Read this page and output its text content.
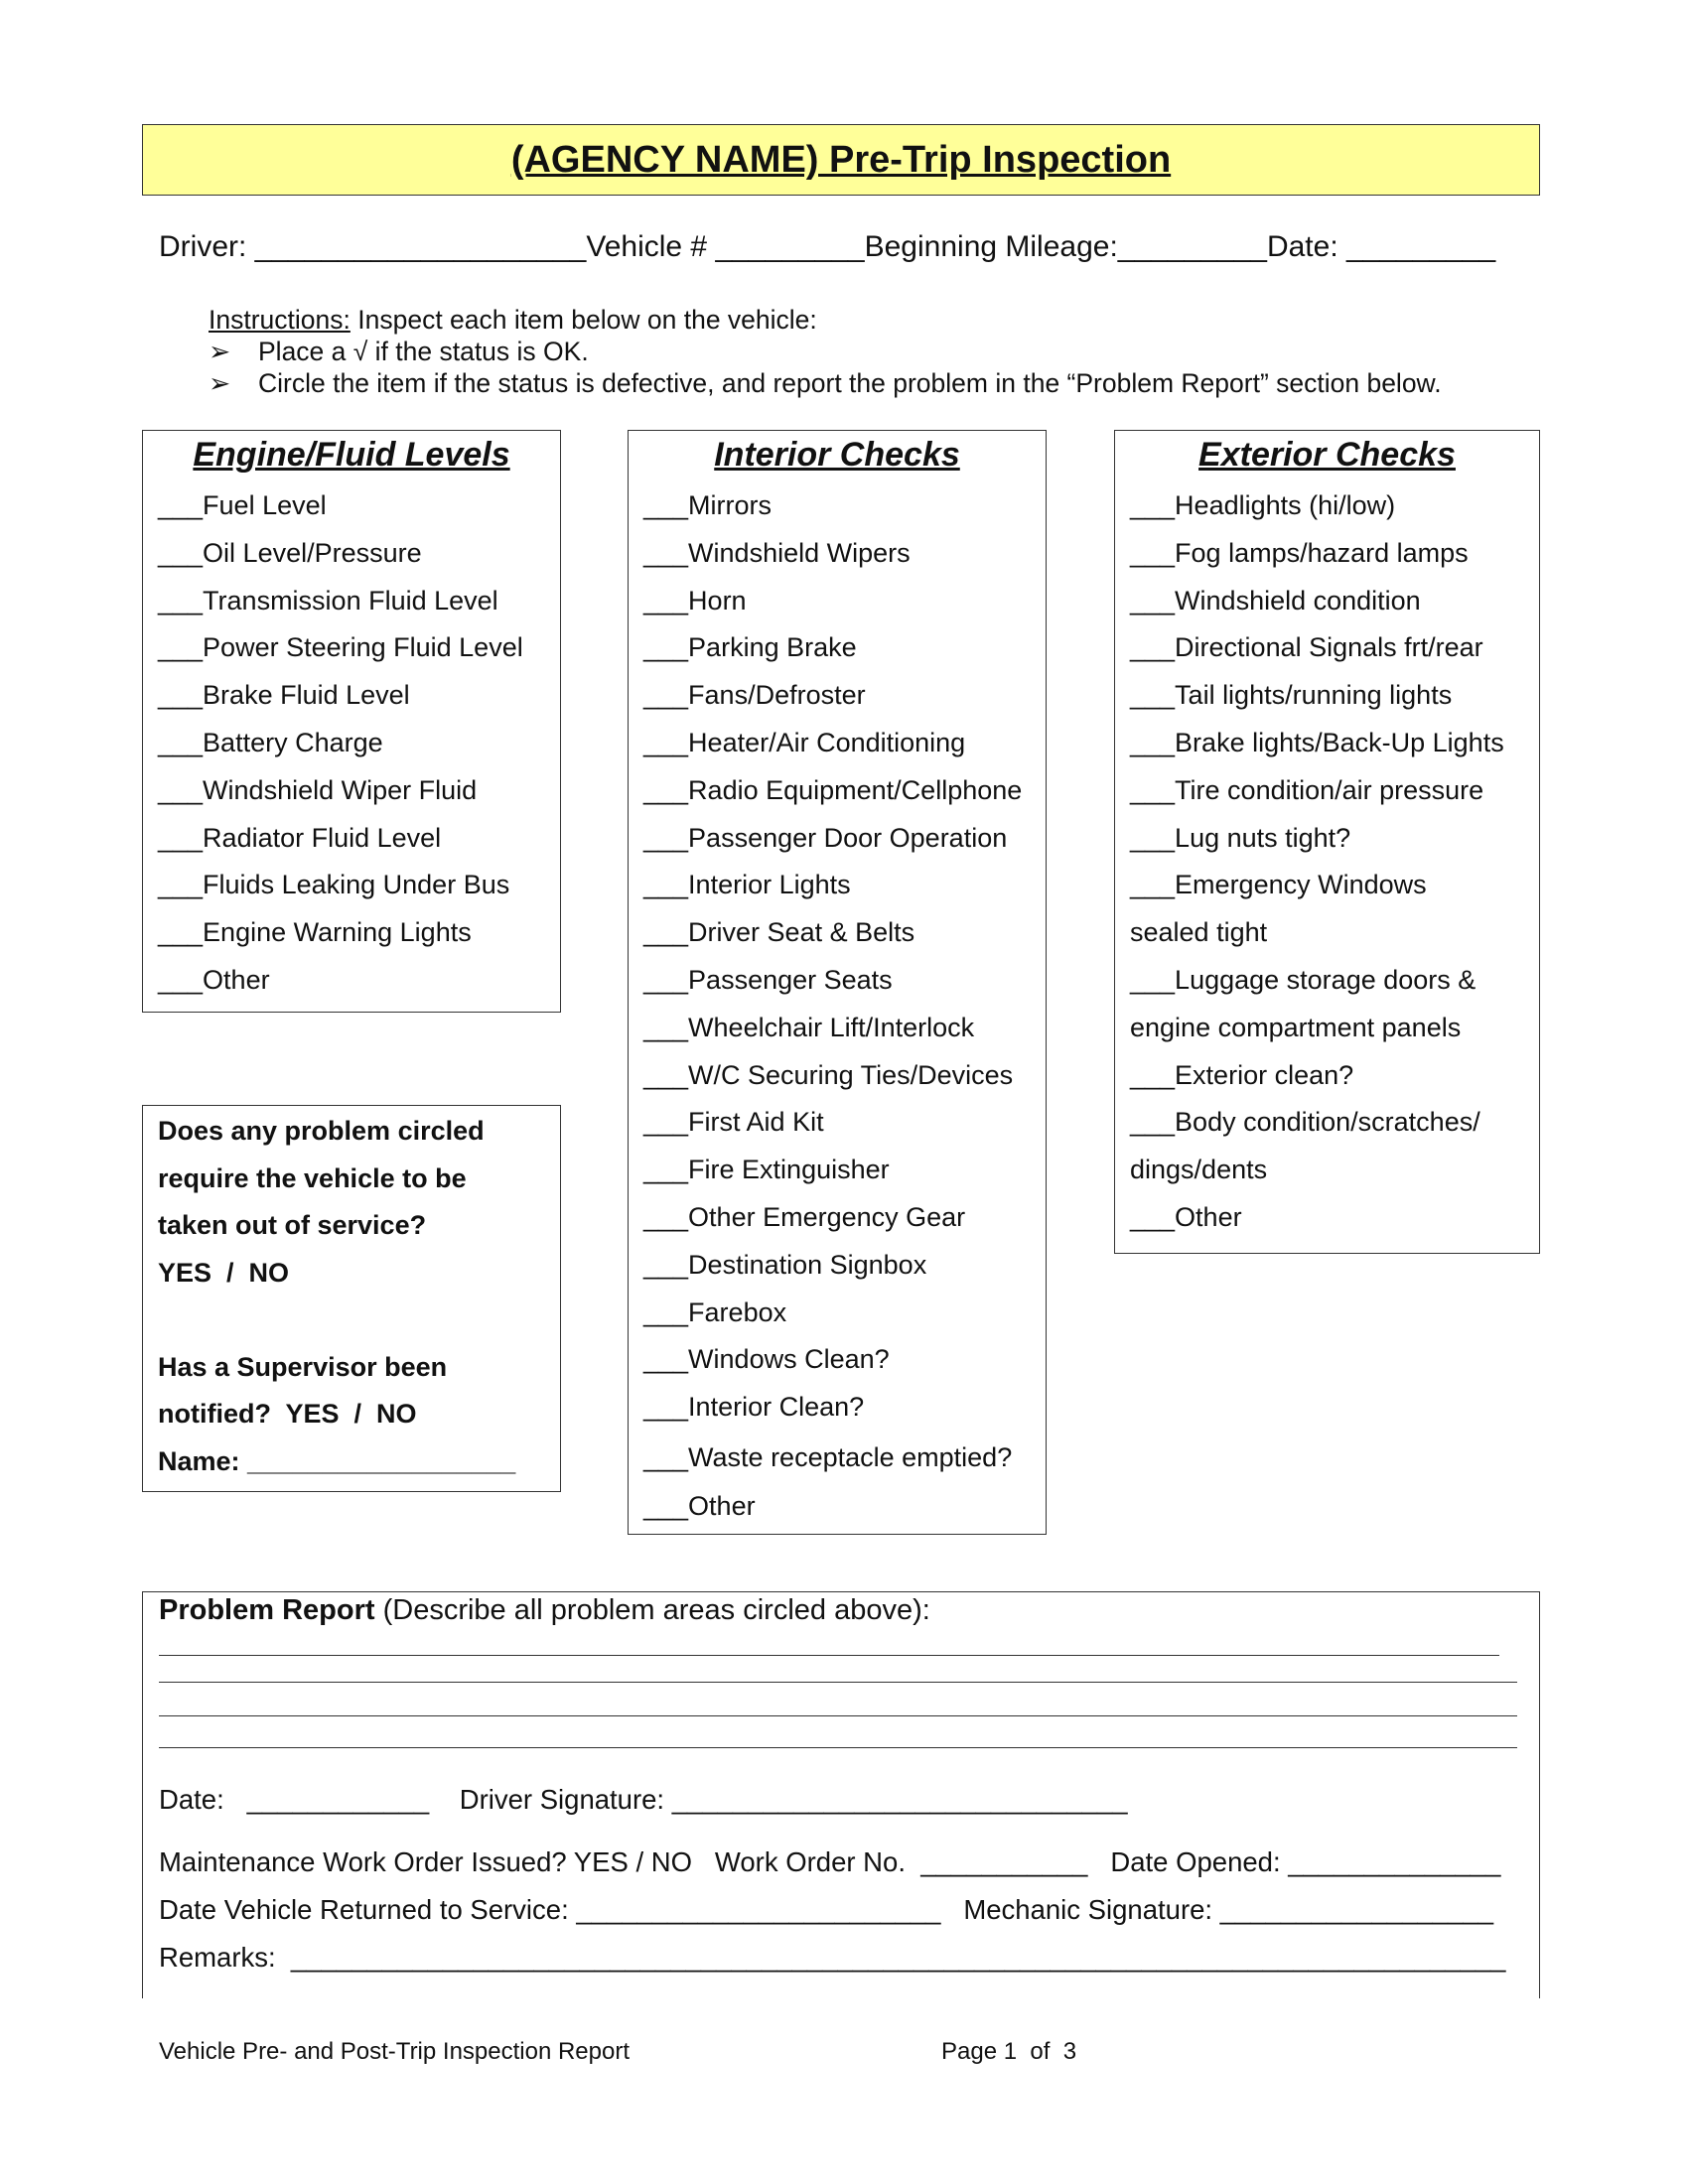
(AGENCY NAME) Pre-Trip Inspection
Driver: ____________________Vehicle # _________Beginning Mileage:_________Date: _________
Instructions: Inspect each item below on the vehicle:
➢ Place a √ if the status is OK.
➢ Circle the item if the status is defective, and report the problem in the “Problem Report” section below.
Engine/Fluid Levels
___Fuel Level
___Oil Level/Pressure
___Transmission Fluid Level
___Power Steering Fluid Level
___Brake Fluid Level
___Battery Charge
___Windshield Wiper Fluid
___Radiator Fluid Level
___Fluids Leaking Under Bus
___Engine Warning Lights
___Other
Interior Checks
___Mirrors
___Windshield Wipers
___Horn
___Parking Brake
___Fans/Defroster
___Heater/Air Conditioning
___Radio Equipment/Cellphone
___Passenger Door Operation
___Interior Lights
___Driver Seat & Belts
___Passenger Seats
___Wheelchair Lift/Interlock
___W/C Securing Ties/Devices
___First Aid Kit
___Fire Extinguisher
___Other Emergency Gear
___Destination Signbox
___Farebox
___Windows Clean?
___Interior Clean?
___Waste receptacle emptied?
___Other
Exterior Checks
___Headlights (hi/low)
___Fog lamps/hazard lamps
___Windshield condition
___Directional Signals frt/rear
___Tail lights/running lights
___Brake lights/Back-Up Lights
___Tire condition/air pressure
___Lug nuts tight?
___Emergency Windows
sealed tight
___Luggage storage doors &
engine compartment panels
___Exterior clean?
___Body condition/scratches/
dings/dents
___Other
Does any problem circled
require the vehicle to be
taken out of service?
YES  /  NO
Has a Supervisor been
notified?  YES  /  NO
Name: __________________
Problem Report (Describe all problem areas circled above):
Date:   ____________    Driver Signature: ______________________________
Maintenance Work Order Issued? YES / NO   Work Order No.  ___________   Date Opened: ______________
Date Vehicle Returned to Service: ________________________   Mechanic Signature: __________________
Remarks:  ________________________________________________________________________________
Vehicle Pre- and Post-Trip Inspection Report	Page 1  of  3
